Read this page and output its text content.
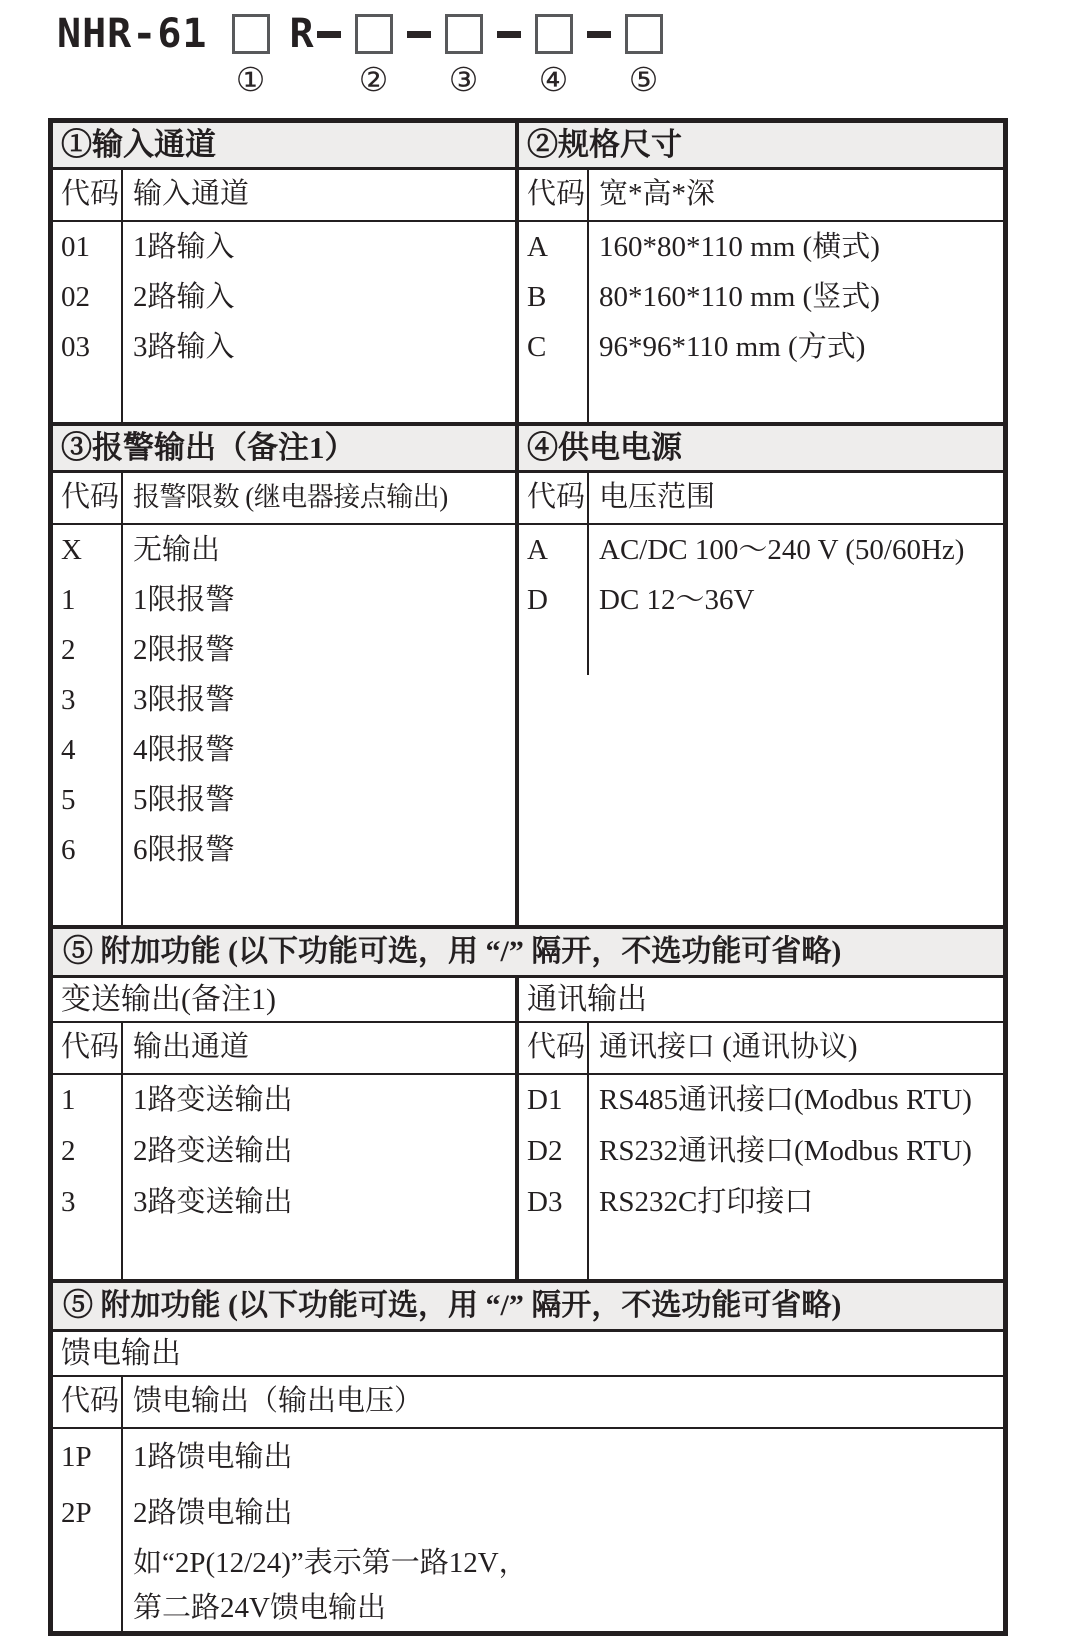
NHR-61
①
R
② ③ ④ ⑤
①输入通道
代码 输入通道
01	1路输入
02	2路输入
03	3路输入
②规格尺寸
代码 宽*高*深
A	160*80*110 mm (横式)
B	80*160*110 mm (竖式)
C	96*96*110 mm (方式)
③报警输出（备注1）
代码 报警限数 (继电器接点输出)
X	无输出
1	1限报警
2	2限报警
3	3限报警
4	4限报警
5	5限报警
6	6限报警
④供电电源
代码 电压范围
A	AC/DC 100～240 V (50/60Hz)
D	DC 12～36V
⑤ 附加功能 (以下功能可选，用 “/” 隔开，不选功能可省略)
变送输出(备注1)
代码 输出通道
1	1路变送输出
2	2路变送输出
3	3路变送输出
通讯输出
代码 通讯接口 (通讯协议)
D1	RS485通讯接口(Modbus RTU)
D2	RS232通讯接口(Modbus RTU)
D3	RS232C打印接口
⑤ 附加功能 (以下功能可选，用 “/” 隔开，不选功能可省略)
馈电输出
代码 馈电输出（输出电压）
1P	1路馈电输出
2P	2路馈电输出
如“2P(12/24)”表示第一路12V，
第二路24V馈电输出
